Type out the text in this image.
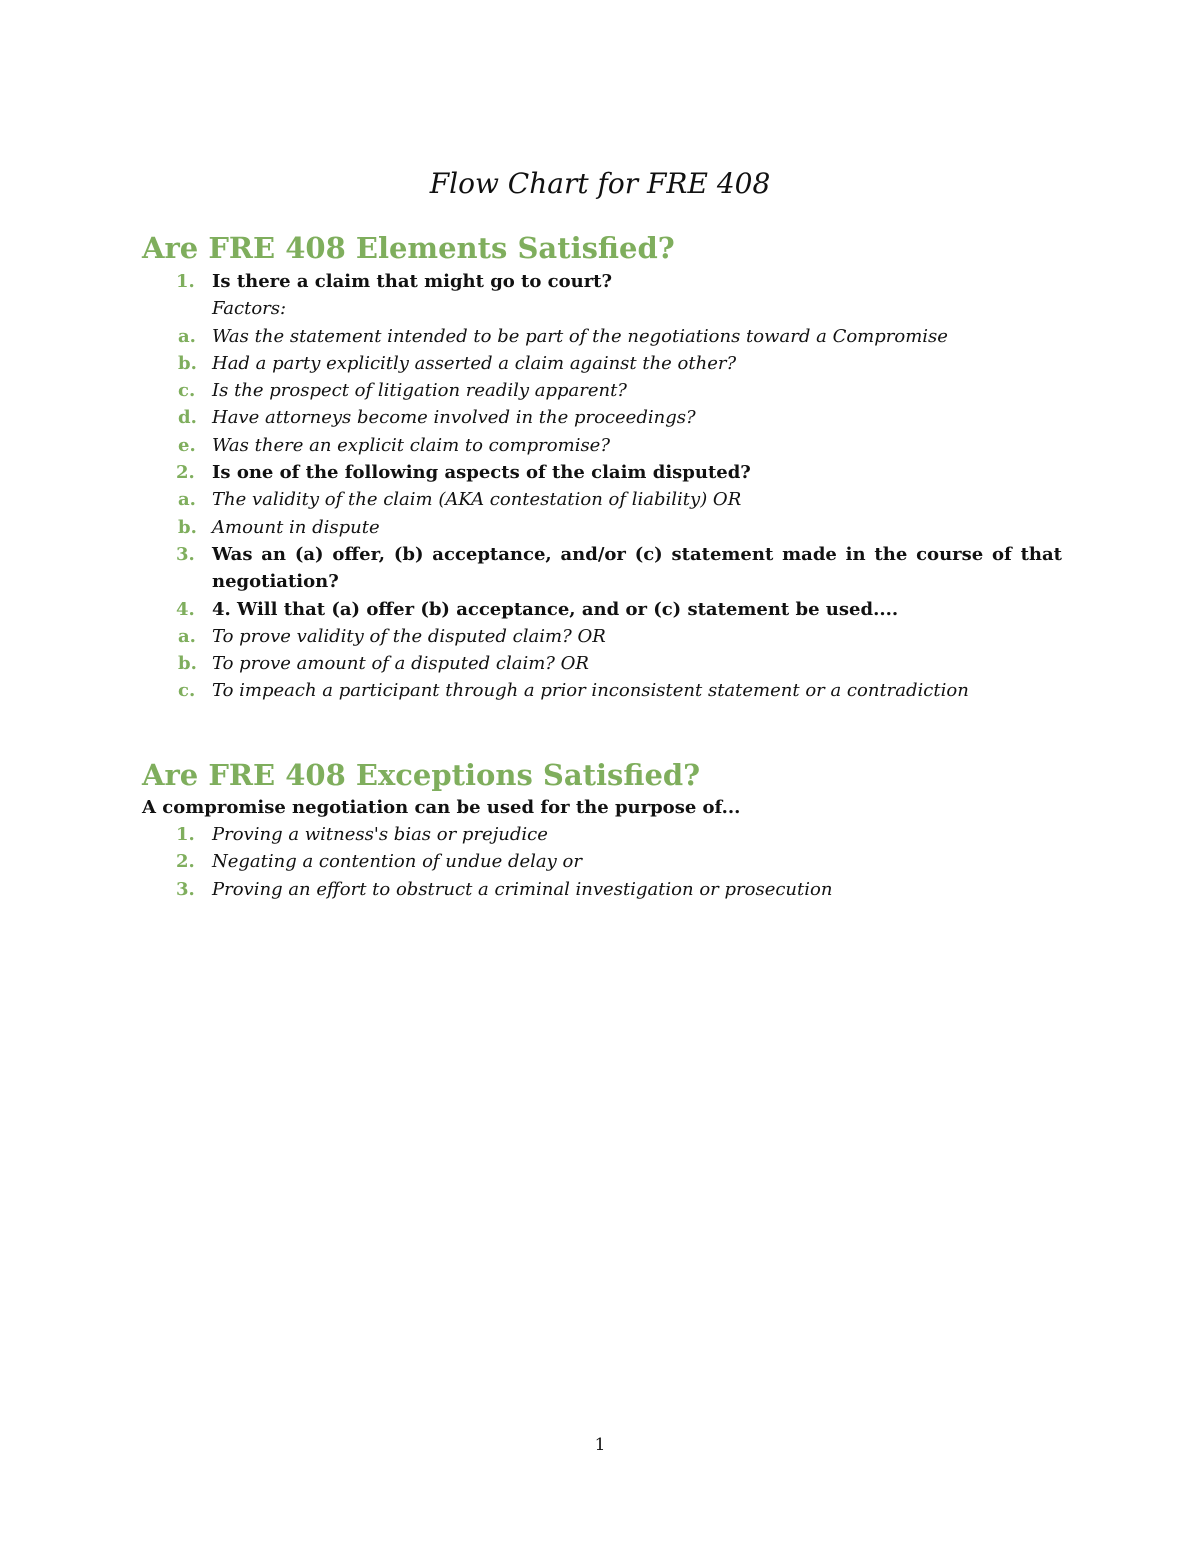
Flow Chart for FRE 408
Are FRE 408 Elements Satisfied?
1. Is there a claim that might go to court?
Factors:
a. Was the statement intended to be part of the negotiations toward a Compromise
b. Had a party explicitly asserted a claim against the other?
c. Is the prospect of litigation readily apparent?
d. Have attorneys become involved in the proceedings?
e. Was there an explicit claim to compromise?
2. Is one of the following aspects of the claim disputed?
a. The validity of the claim (AKA contestation of liability) OR
b. Amount in dispute
3. Was an (a) offer, (b) acceptance, and/or (c) statement made in the course of that negotiation?
4. 4. Will that (a) offer (b) acceptance, and or (c) statement be used....
a. To prove validity of the disputed claim? OR
b. To prove amount of a disputed claim? OR
c. To impeach a participant through a prior inconsistent statement or a contradiction
Are FRE 408 Exceptions Satisfied?
A compromise negotiation can be used for the purpose of...
1. Proving a witness's bias or prejudice
2. Negating a contention of undue delay or
3. Proving an effort to obstruct a criminal investigation or prosecution
1
